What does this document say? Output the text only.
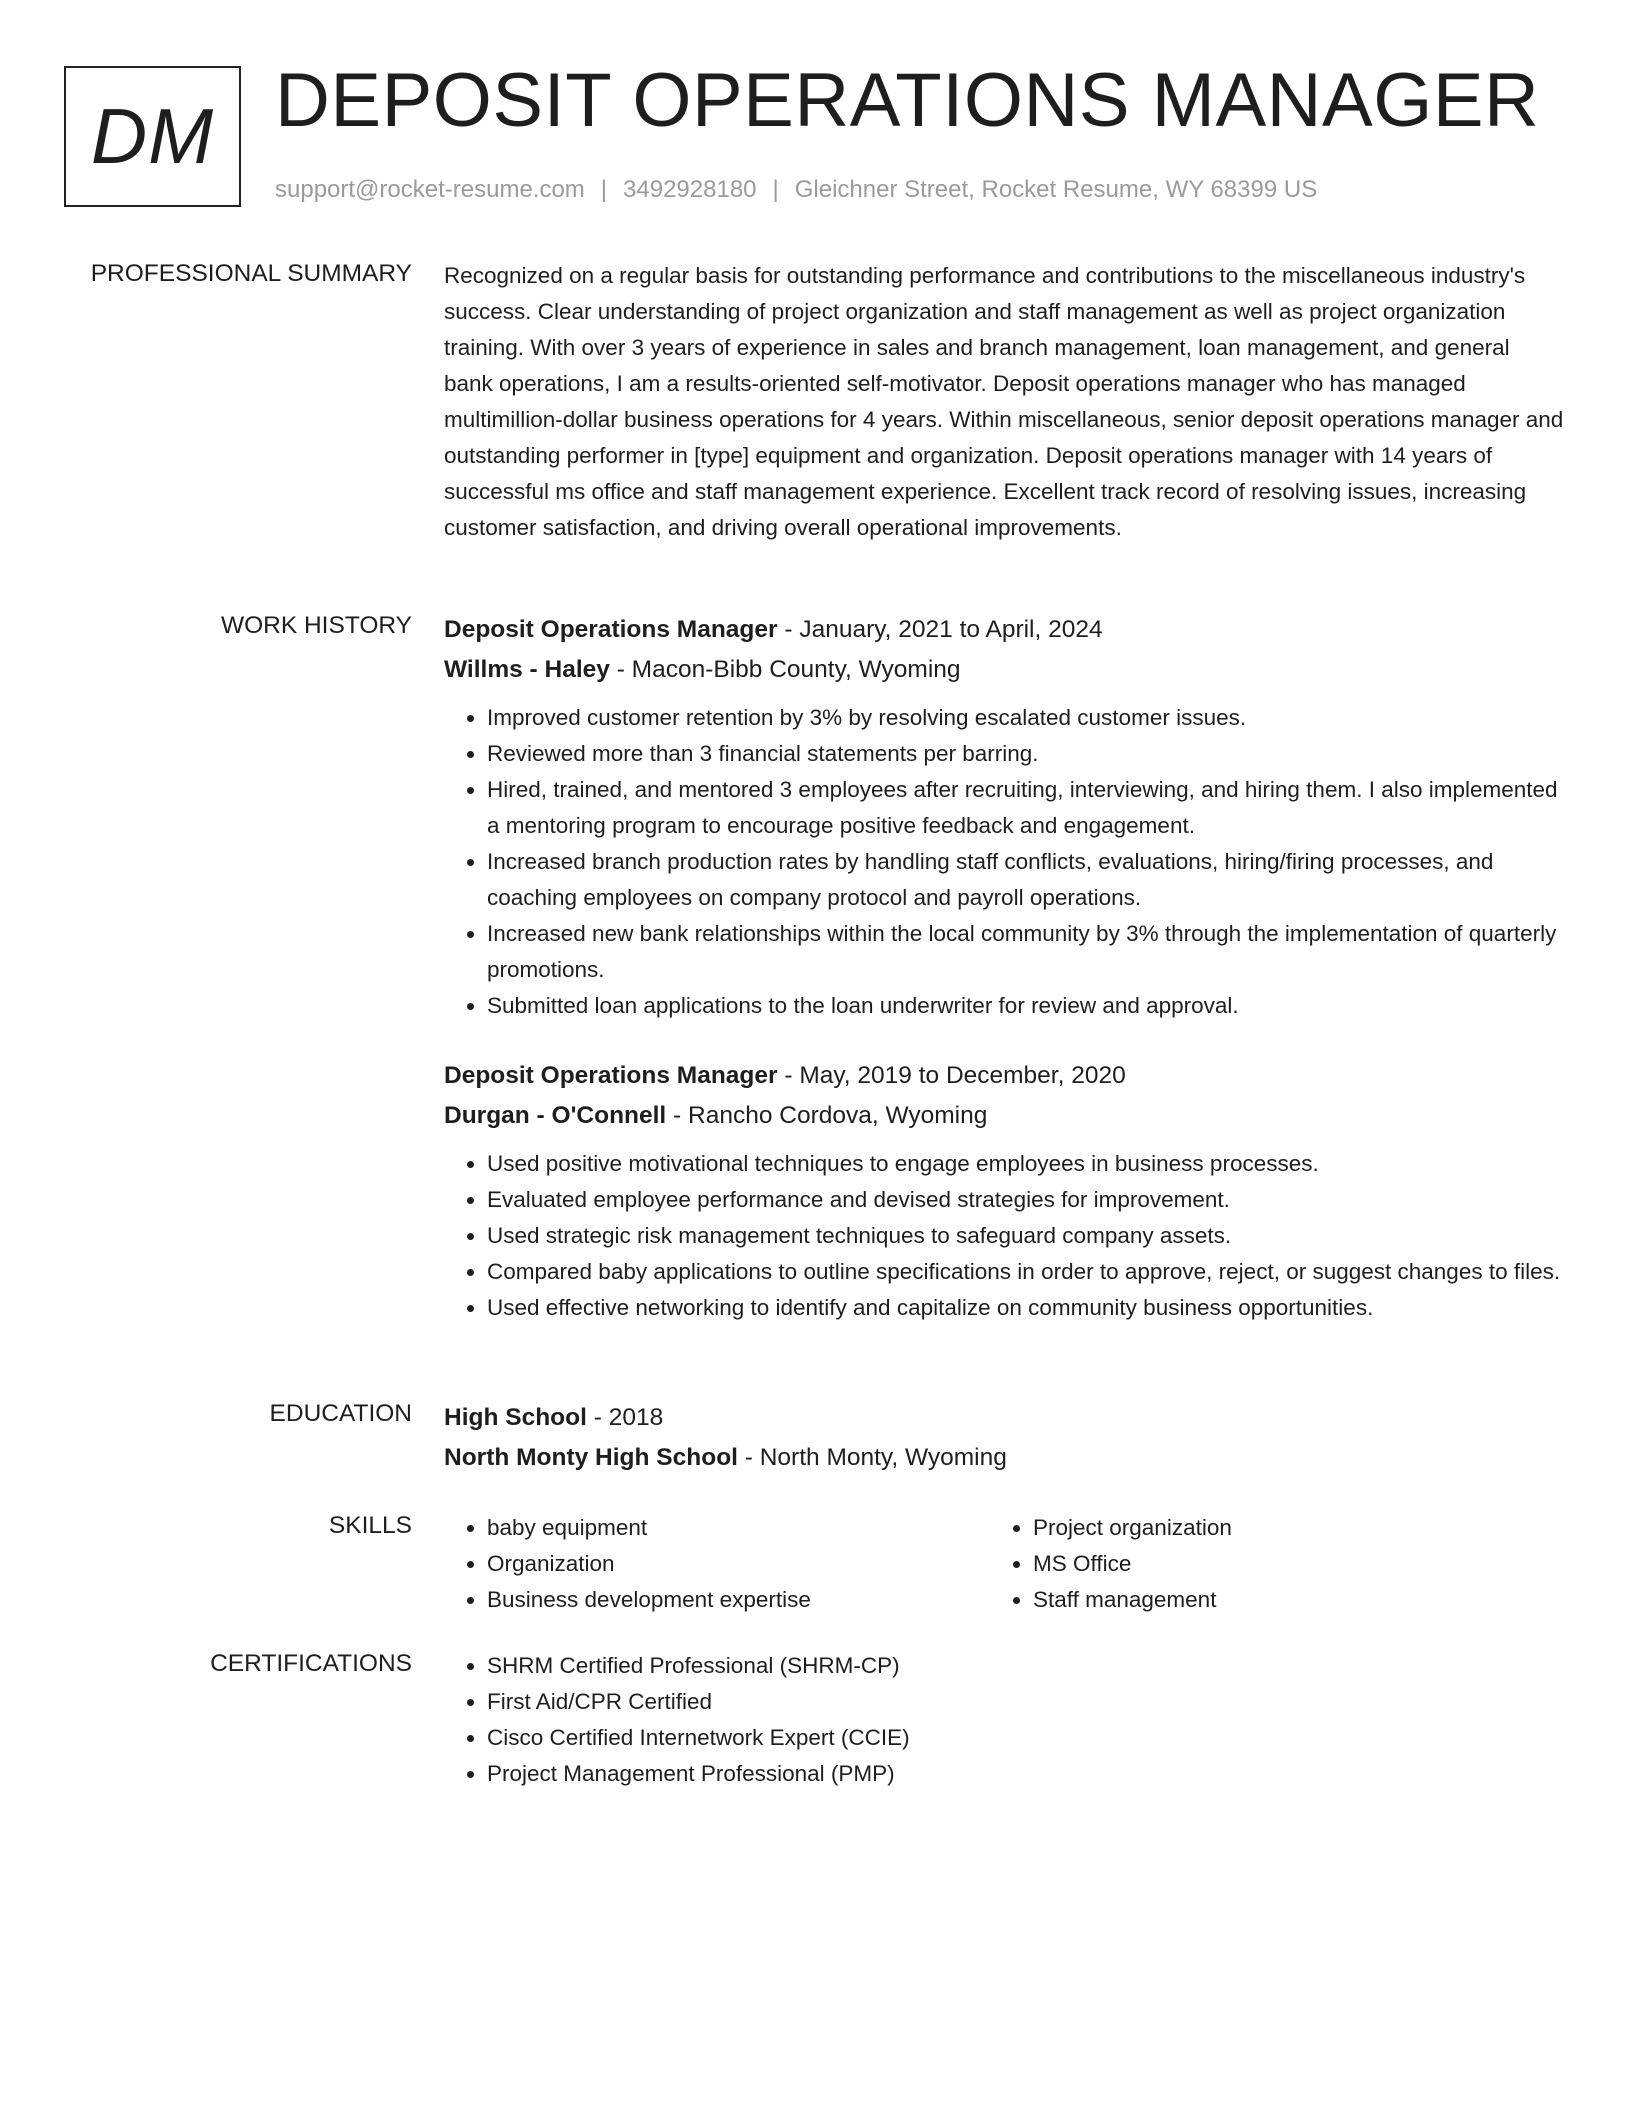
DM DEPOSIT OPERATIONS MANAGER
support@rocket-resume.com | 3492928180 | Gleichner Street, Rocket Resume, WY 68399 US
PROFESSIONAL SUMMARY Recognized on a regular basis for outstanding performance and contributions to the miscellaneous industry's success. Clear understanding of project organization and staff management as well as project organization training. With over 3 years of experience in sales and branch management, loan management, and general bank operations, I am a results-oriented self-motivator. Deposit operations manager who has managed multimillion-dollar business operations for 4 years. Within miscellaneous, senior deposit operations manager and outstanding performer in [type] equipment and organization. Deposit operations manager with 14 years of successful ms office and staff management experience. Excellent track record of resolving issues, increasing customer satisfaction, and driving overall operational improvements.

WORK HISTORY Deposit Operations Manager - January, 2021 to April, 2024
Willms - Haley - Macon-Bibb County, Wyoming
• Improved customer retention by 3% by resolving escalated customer issues.
• Reviewed more than 3 financial statements per barring.
• Hired, trained, and mentored 3 employees after recruiting, interviewing, and hiring them. I also implemented a mentoring program to encourage positive feedback and engagement.
• Increased branch production rates by handling staff conflicts, evaluations, hiring/firing processes, and coaching employees on company protocol and payroll operations.
• Increased new bank relationships within the local community by 3% through the implementation of quarterly promotions.
• Submitted loan applications to the loan underwriter for review and approval.
Deposit Operations Manager - May, 2019 to December, 2020
Durgan - O'Connell - Rancho Cordova, Wyoming
• Used positive motivational techniques to engage employees in business processes.
• Evaluated employee performance and devised strategies for improvement.
• Used strategic risk management techniques to safeguard company assets.
• Compared baby applications to outline specifications in order to approve, reject, or suggest changes to files.
• Used effective networking to identify and capitalize on community business opportunities.
EDUCATION High School - 2018
North Monty High School - North Monty, Wyoming
SKILLS	• baby equipment
• Organization
• Business development expertise
• Project organization
• MS Office
• Staff management
CERTIFICATIONS	• SHRM Certified Professional (SHRM-CP)
• First Aid/CPR Certified
• Cisco Certified Internetwork Expert (CCIE)
• Project Management Professional (PMP)
